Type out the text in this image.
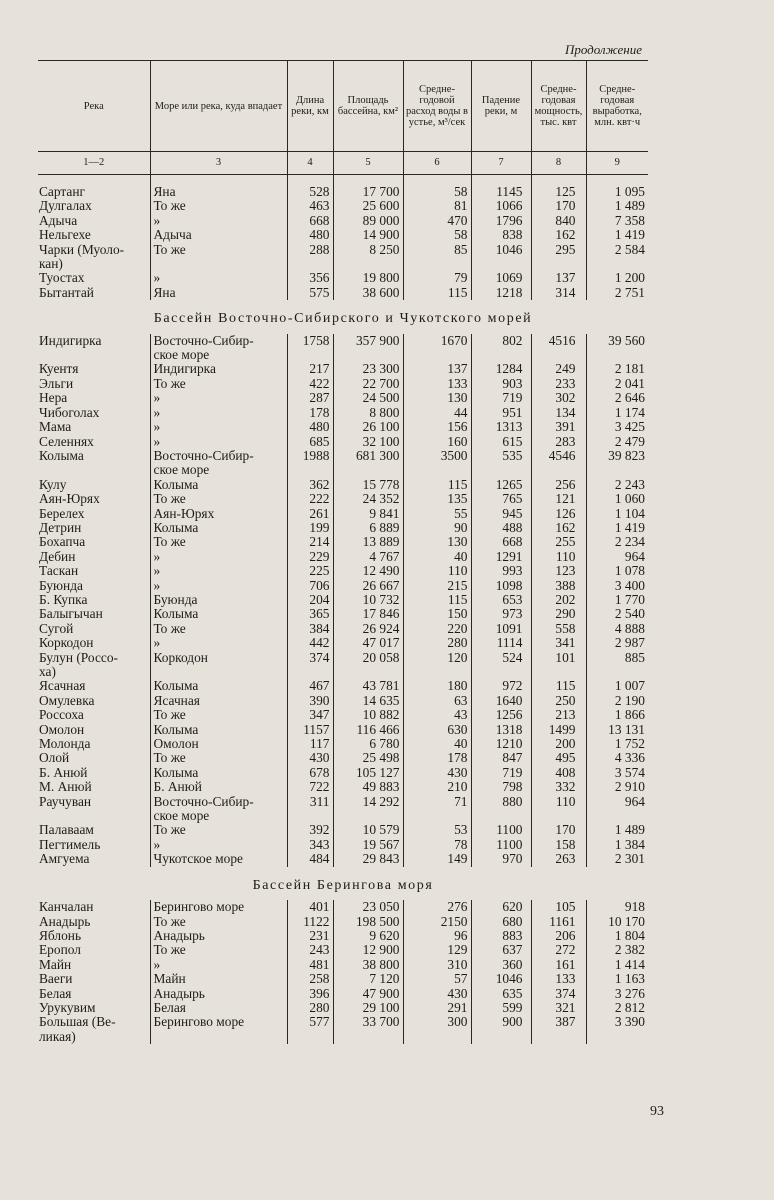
Продолжение
Река	Море или река, куда впадает	Длина реки, км	Площадь бассейна, км²	Среднегодовой расход воды в устье, м³/сек	Падение реки, м	Среднегодовая мощность, тыс. квт	Среднегодовая выработка, млн. квт·ч
1—2	3	4	5	6	7	8	9

Сартанг	Яна	528	17 700	58	1145	125	1 095
Дулгалах	То же	463	25 600	81	1066	170	1 489
Адыча	»	668	89 000	470	1796	840	7 358
Нельгехе	Адыча	480	14 900	58	838	162	1 419
Чарки (Муоло-	То же	288	8 250	85	1046	295	2 584
кан)							
Туостах	»	356	19 800	79	1069	137	1 200
Бытантай	Яна	575	38 600	115	1218	314	2 751
Бассейн Восточно-Сибирского и Чукотского морей							
Индигирка	Восточно-Сибир-	1758	357 900	1670	802	4516	39 560
	ское море						
Куентя	Индигирка	217	23 300	137	1284	249	2 181
Эльги	То же	422	22 700	133	903	233	2 041
Нера	»	287	24 500	130	719	302	2 646
Чибоголах	»	178	8 800	44	951	134	1 174
Мама	»	480	26 100	156	1313	391	3 425
Селеннях	»	685	32 100	160	615	283	2 479
Колыма	Восточно-Сибир-	1988	681 300	3500	535	4546	39 823
	ское море						
Кулу	Колыма	362	15 778	115	1265	256	2 243
Аян-Юрях	То же	222	24 352	135	765	121	1 060
Берелех	Аян-Юрях	261	9 841	55	945	126	1 104
Детрин	Колыма	199	6 889	90	488	162	1 419
Бохапча	То же	214	13 889	130	668	255	2 234
Дебин	»	229	4 767	40	1291	110	964
Таскан	»	225	12 490	110	993	123	1 078
Буюнда	»	706	26 667	215	1098	388	3 400
Б. Купка	Буюнда	204	10 732	115	653	202	1 770
Балыгычан	Колыма	365	17 846	150	973	290	2 540
Сугой	То же	384	26 924	220	1091	558	4 888
Коркодон	»	442	47 017	280	1114	341	2 987
Булун (Россо-	Коркодон	374	20 058	120	524	101	885
ха)							
Ясачная	Колыма	467	43 781	180	972	115	1 007
Омулевка	Ясачная	390	14 635	63	1640	250	2 190
Россоха	То же	347	10 882	43	1256	213	1 866
Омолон	Колыма	1157	116 466	630	1318	1499	13 131
Молонда	Омолон	117	6 780	40	1210	200	1 752
Олой	То же	430	25 498	178	847	495	4 336
Б. Анюй	Колыма	678	105 127	430	719	408	3 574
М. Анюй	Б. Анюй	722	49 883	210	798	332	2 910
Раучуван	Восточно-Сибир-	311	14 292	71	880	110	964
	ское море						
Палаваам	То же	392	10 579	53	1100	170	1 489
Пегтимель	»	343	19 567	78	1100	158	1 384
Амгуема	Чукотское море	484	29 843	149	970	263	2 301
Бассейн Берингова моря							
Канчалан	Берингово море	401	23 050	276	620	105	918
Анадырь	То же	1122	198 500	2150	680	1161	10 170
Яблонь	Анадырь	231	9 620	96	883	206	1 804
Еропол	То же	243	12 900	129	637	272	2 382
Майн	»	481	38 800	310	360	161	1 414
Ваеги	Майн	258	7 120	57	1046	133	1 163
Белая	Анадырь	396	47 900	430	635	374	3 276
Урукувим	Белая	280	29 100	291	599	321	2 812
Большая (Ве-	Берингово море	577	33 700	300	900	387	3 390
ликая)							
93
